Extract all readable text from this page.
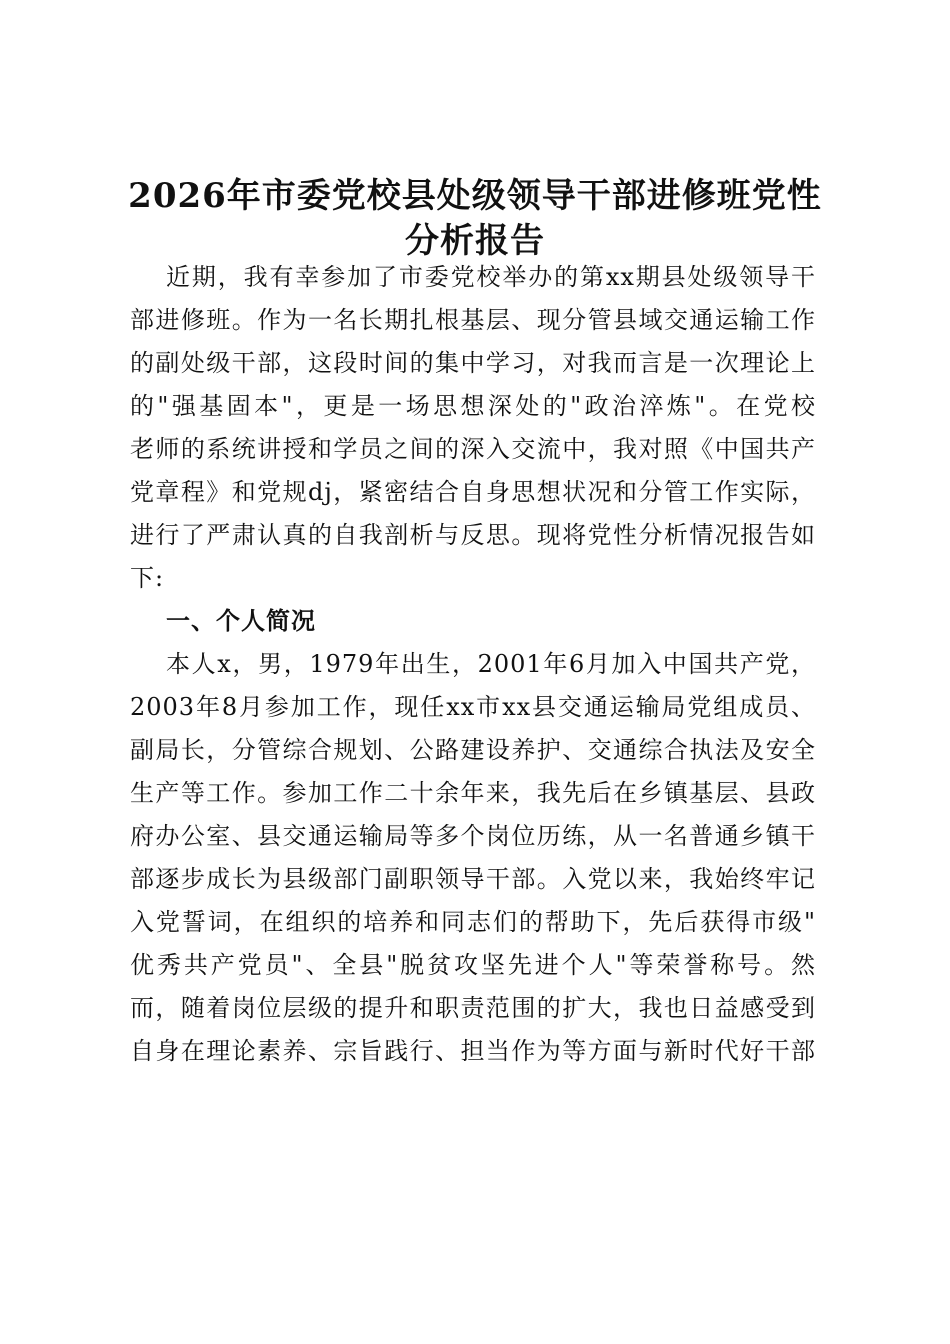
2026年市委党校县处级领导干部进修班党性
分析报告
近期，我有幸参加了市委党校举办的第xx期县处级领导干
部进修班。作为一名长期扎根基层、现分管县域交通运输工作
的副处级干部，这段时间的集中学习，对我而言是一次理论上
的"强基固本"，更是一场思想深处的"政治淬炼"。在党校
老师的系统讲授和学员之间的深入交流中，我对照《中国共产
党章程》和党规dj，紧密结合自身思想状况和分管工作实际，
进行了严肃认真的自我剖析与反思。现将党性分析情况报告如
下:
一、个人简况
本人x，男，1979年出生，2001年6月加入中国共产党，
2003年8月参加工作，现任xx市xx县交通运输局党组成员、
副局长，分管综合规划、公路建设养护、交通综合执法及安全
生产等工作。参加工作二十余年来，我先后在乡镇基层、县政
府办公室、县交通运输局等多个岗位历练，从一名普通乡镇干
部逐步成长为县级部门副职领导干部。入党以来，我始终牢记
入党誓词，在组织的培养和同志们的帮助下，先后获得市级"
优秀共产党员"、全县"脱贫攻坚先进个人"等荣誉称号。然
而，随着岗位层级的提升和职责范围的扩大，我也日益感受到
自身在理论素养、宗旨践行、担当作为等方面与新时代好干部
